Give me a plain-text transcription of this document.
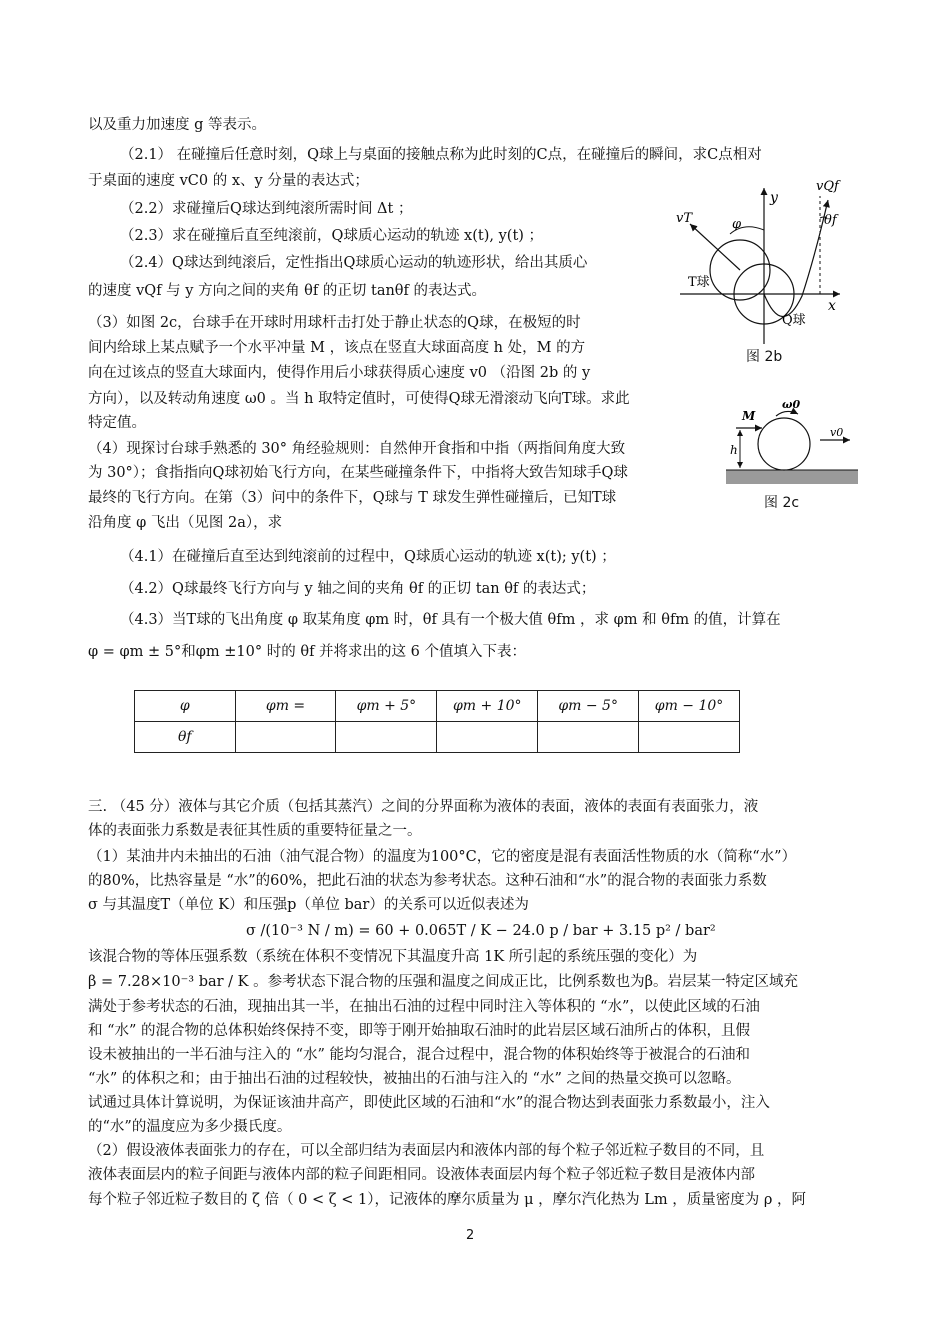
以及重力加速度 g 等表示。
（2.1） 在碰撞后任意时刻，Q球上与桌面的接触点称为此时刻的C点，在碰撞后的瞬间，求C点相对
于桌面的速度 vC0 的 x、y 分量的表达式；
（2.2）求碰撞后Q球达到纯滚所需时间 Δt ；
（2.3）求在碰撞后直至纯滚前，Q球质心运动的轨迹 x(t), y(t) ；
（2.4）Q球达到纯滚后，定性指出Q球质心运动的轨迹形状，给出其质心
的速度 vQf 与 y 方向之间的夹角 θf 的正切 tanθf 的表达式。
（3）如图 2c，台球手在开球时用球杆击打处于静止状态的Q球，在极短的时
间内给球上某点赋予一个水平冲量 M ，该点在竖直大球面高度 h 处，M 的方
向在过该点的竖直大球面内，使得作用后小球获得质心速度 v0 （沿图 2b 的 y
方向），以及转动角速度 ω0 。当 h 取特定值时，可使得Q球无滑滚动飞向T球。求此
特定值。
（4）现探讨台球手熟悉的 30° 角经验规则：自然伸开食指和中指（两指间角度大致
为 30°）；食指指向Q球初始飞行方向，在某些碰撞条件下，中指将大致告知球手Q球
最终的飞行方向。在第（3）问中的条件下，Q球与 T 球发生弹性碰撞后，已知T球
沿角度 φ 飞出（见图 2a），求
（4.1）在碰撞后直至达到纯滚前的过程中，Q球质心运动的轨迹 x(t); y(t) ；
（4.2）Q球最终飞行方向与 y 轴之间的夹角 θf 的正切 tan θf 的表达式；
（4.3）当T球的飞出角度 φ 取某角度 φm 时，θf 具有一个极大值 θfm ，求 φm 和 θfm 的值，计算在
φ = φm ± 5°和φm ±10° 时的 θf 并将求出的这 6 个值填入下表：
φ	φm =	φm + 5°	φm + 10°	φm − 5°	φm − 10°
θf					
三. （45 分）液体与其它介质（包括其蒸汽）之间的分界面称为液体的表面，液体的表面有表面张力，液
体的表面张力系数是表征其性质的重要特征量之一。
（1）某油井内未抽出的石油（油气混合物）的温度为100°C，它的密度是混有表面活性物质的水（简称“水”）
的80%，比热容量是 “水”的60%，把此石油的状态为参考状态。这种石油和“水”的混合物的表面张力系数
σ 与其温度T（单位 K）和压强p（单位 bar）的关系可以近似表述为
σ /(10⁻³ N / m) = 60 + 0.065T / K − 24.0 p / bar + 3.15 p² / bar²
该混合物的等体压强系数（系统在体积不变情况下其温度升高 1K 所引起的系统压强的变化）为
β = 7.28×10⁻³ bar / K 。参考状态下混合物的压强和温度之间成正比，比例系数也为β。岩层某一特定区域充
满处于参考状态的石油，现抽出其一半，在抽出石油的过程中同时注入等体积的 “水”，以使此区域的石油
和 “水” 的混合物的总体积始终保持不变，即等于刚开始抽取石油时的此岩层区域石油所占的体积，且假
设未被抽出的一半石油与注入的 “水” 能均匀混合，混合过程中，混合物的体积始终等于被混合的石油和
“水” 的体积之和；由于抽出石油的过程较快，被抽出的石油与注入的 “水” 之间的热量交换可以忽略。
试通过具体计算说明，为保证该油井高产，即使此区域的石油和“水”的混合物达到表面张力系数最小，注入
的“水”的温度应为多少摄氏度。
（2）假设液体表面张力的存在，可以全部归结为表面层内和液体内部的每个粒子邻近粒子数目的不同，且
液体表面层内的粒子间距与液体内部的粒子间距相同。设液体表面层内每个粒子邻近粒子数目是液体内部
每个粒子邻近粒子数目的 ζ 倍（ 0 < ζ < 1），记液体的摩尔质量为 μ ，摩尔汽化热为 Lm ，质量密度为 ρ ，阿
vT	φ
y
vQf
θf
T球
x
Q球
图 2b
M
ω0
v0
h
图 2c
2
